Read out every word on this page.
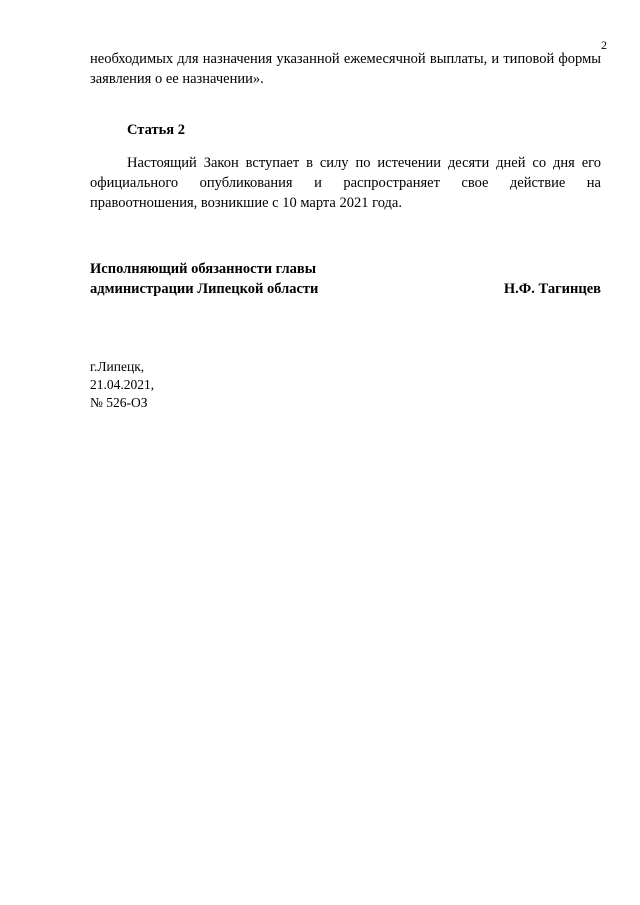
2
необходимых для назначения указанной ежемесячной выплаты, и типовой формы заявления о ее назначении».
Статья 2
Настоящий Закон вступает в силу по истечении десяти дней со дня его официального опубликования и распространяет свое действие на правоотношения, возникшие с 10 марта 2021 года.
Исполняющий обязанности главы
администрации Липецкой области	Н.Ф. Тагинцев
г.Липецк,
21.04.2021,
№ 526-ОЗ
